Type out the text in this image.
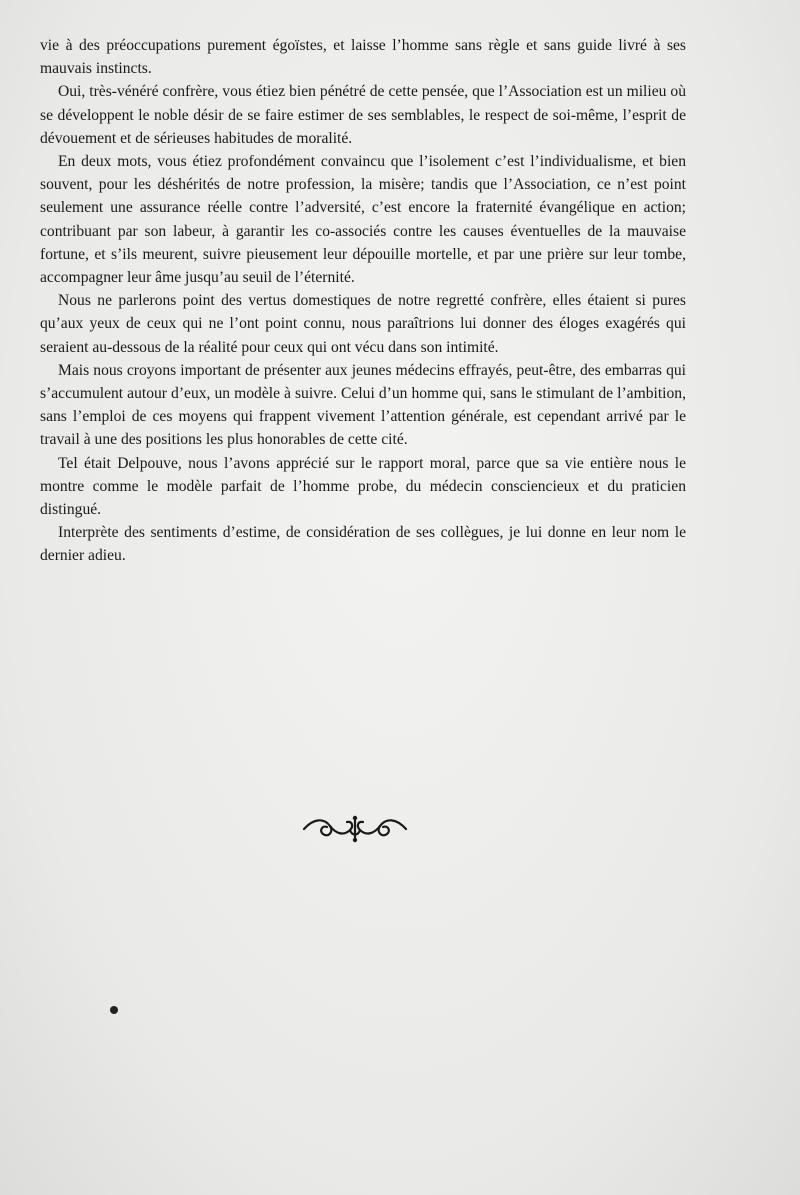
vie à des préoccupations purement égoïstes, et laisse l’homme sans règle et sans guide livré à ses mauvais instincts.

Oui, très-vénéré confrère, vous étiez bien pénétré de cette pensée, que l’Association est un milieu où se développent le noble désir de se faire estimer de ses semblables, le respect de soi-même, l’esprit de dévouement et de sérieuses habitudes de moralité.

En deux mots, vous étiez profondément convaincu que l’isolement c’est l’individualisme, et bien souvent, pour les déshérités de notre profession, la misère; tandis que l’Association, ce n’est point seulement une assurance réelle contre l’adversité, c’est encore la fraternité évangélique en action; contribuant par son labeur, à garantir les co-associés contre les causes éventuelles de la mauvaise fortune, et s’ils meurent, suivre pieusement leur dépouille mortelle, et par une prière sur leur tombe, accompagner leur âme jusqu’au seuil de l’éternité.

Nous ne parlerons point des vertus domestiques de notre regretté confrère, elles étaient si pures qu’aux yeux de ceux qui ne l’ont point connu, nous paraîtrions lui donner des éloges exagérés qui seraient au-dessous de la réalité pour ceux qui ont vécu dans son intimité.

Mais nous croyons important de présenter aux jeunes médecins effrayés, peut-être, des embarras qui s’accumulent autour d’eux, un modèle à suivre. Celui d’un homme qui, sans le stimulant de l’ambition, sans l’emploi de ces moyens qui frappent vivement l’attention générale, est cependant arrivé par le travail à une des positions les plus honorables de cette cité.

Tel était Delpouve, nous l’avons apprécié sur le rapport moral, parce que sa vie entière nous le montre comme le modèle parfait de l’homme probe, du médecin consciencieux et du praticien distingué.

Interprète des sentiments d’estime, de considération de ses collègues, je lui donne en leur nom le dernier adieu.
